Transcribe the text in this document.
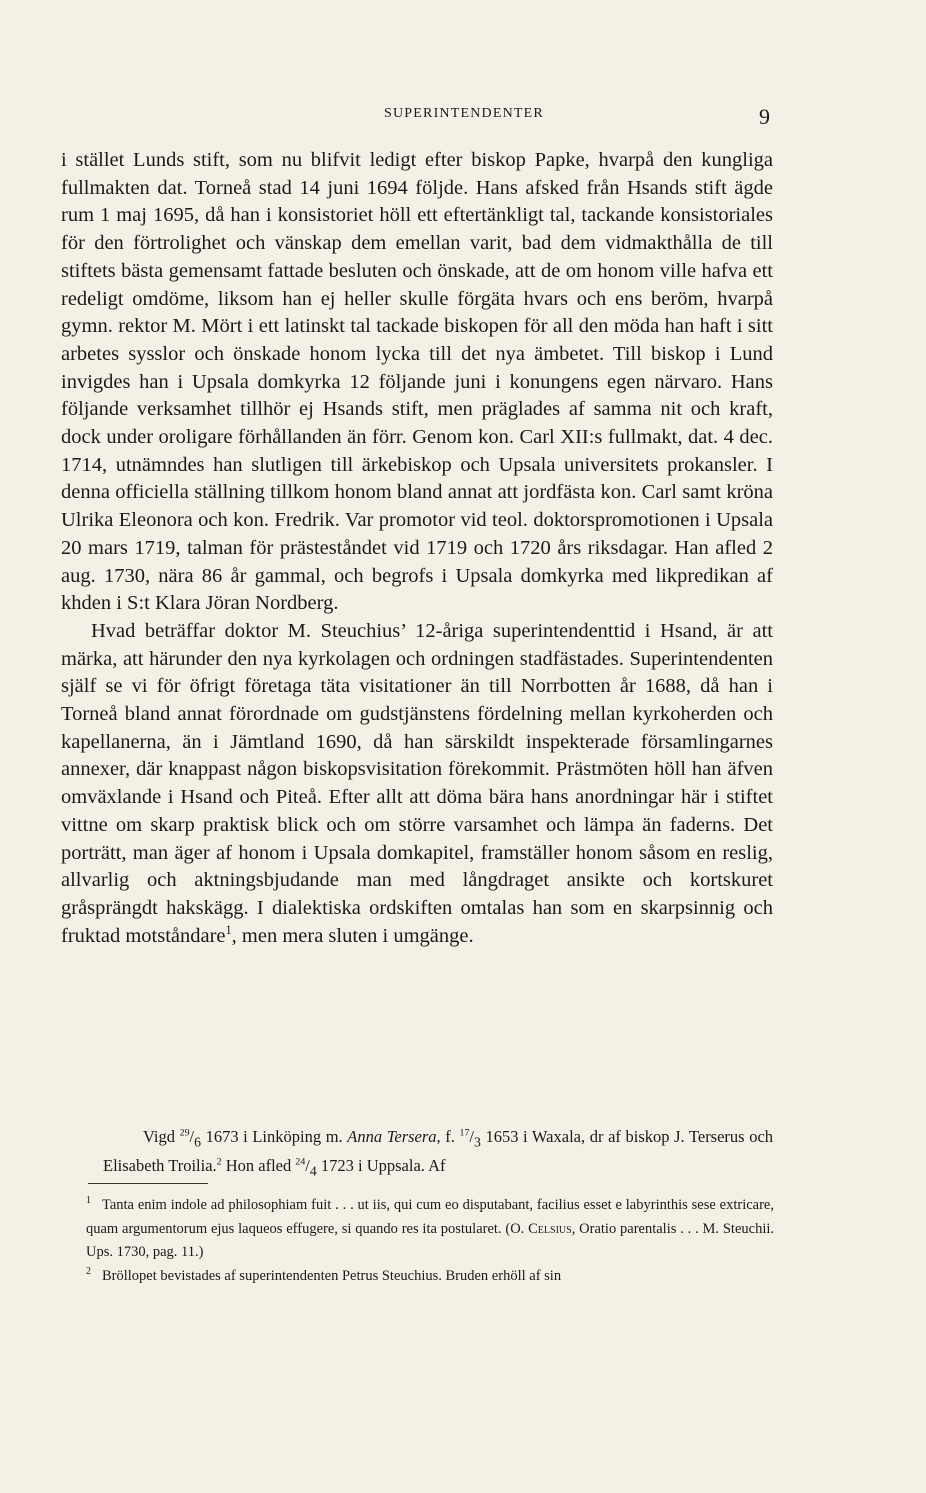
SUPERINTENDENTER	9

i stället Lunds stift, som nu blifvit ledigt efter biskop Papke, hvarpå den kungliga fullmakten dat. Torneå stad 14 juni 1694 följde. Hans afsked från Hsands stift ägde rum 1 maj 1695, då han i konsistoriet höll ett eftertänkligt tal, tackande konsistoriales för den förtrolighet och vänskap dem emellan varit, bad dem vidmakthålla de till stiftets bästa gemensamt fattade besluten och önskade, att de om honom ville hafva ett redeligt omdöme, liksom han ej heller skulle förgäta hvars och ens beröm, hvarpå gymn. rektor M. Mört i ett latinskt tal tackade biskopen för all den möda han haft i sitt arbetes sysslor och önskade honom lycka till det nya ämbetet. Till biskop i Lund invigdes han i Upsala domkyrka 12 följande juni i konungens egen närvaro. Hans följande verksamhet tillhör ej Hsands stift, men präglades af samma nit och kraft, dock under oroligare förhållanden än förr. Genom kon. Carl XII:s fullmakt, dat. 4 dec. 1714, utnämndes han slutligen till ärkebiskop och Upsala universitets prokansler. I denna officiella ställning tillkom honom bland annat att jordfästa kon. Carl samt kröna Ulrika Eleonora och kon. Fredrik. Var promotor vid teol. doktorspromotionen i Upsala 20 mars 1719, talman för prästeståndet vid 1719 och 1720 års riksdagar. Han afled 2 aug. 1730, nära 86 år gammal, och begrofs i Upsala domkyrka med likpredikan af khden i S:t Klara Jöran Nordberg.

Hvad beträffar doktor M. Steuchius’ 12-åriga superintendenttid i Hsand, är att märka, att härunder den nya kyrkolagen och ordningen stadfästades. Superintendenten själf se vi för öfrigt företaga täta visitationer än till Norrbotten år 1688, då han i Torneå bland annat förordnade om gudstjänstens fördelning mellan kyrkoherden och kapellanerna, än i Jämtland 1690, då han särskildt inspekterade församlingarnes annexer, där knappast någon biskopsvisitation förekommit. Prästmöten höll han äfven omväxlande i Hsand och Piteå. Efter allt att döma bära hans anordningar här i stiftet vittne om skarp praktisk blick och om större varsamhet och lämpa än faderns. Det porträtt, man äger af honom i Upsala domkapitel, framställer honom såsom en reslig, allvarlig och aktningsbjudande man med långdraget ansikte och kortskuret gråsprängdt hakskägg. I dialektiska ordskiften omtalas han som en skarpsinnig och fruktad motståndare$^1$, men mera sluten i umgänge.

Vigd $^{29}/_6$ 1673 i Linköping m. Anna Tersera, f. $^{17}/_3$ 1653 i Waxala, dr af biskop J. Terserus och Elisabeth Troilia.$^2$ Hon afled $^{24}/_4$ 1723 i Uppsala. Af

1 Tanta enim indole ad philosophiam fuit . . . ut iis, qui cum eo disputabant, facilius esset e labyrinthis sese extricare, quam argumentorum ejus laqueos effugere, si quando res ita postularet. (O. Celsius, Oratio parentalis . . . M. Steuchii. Ups. 1730, pag. 11.)

2 Bröllopet bevistades af superintendenten Petrus Steuchius. Bruden erhöll af sin
